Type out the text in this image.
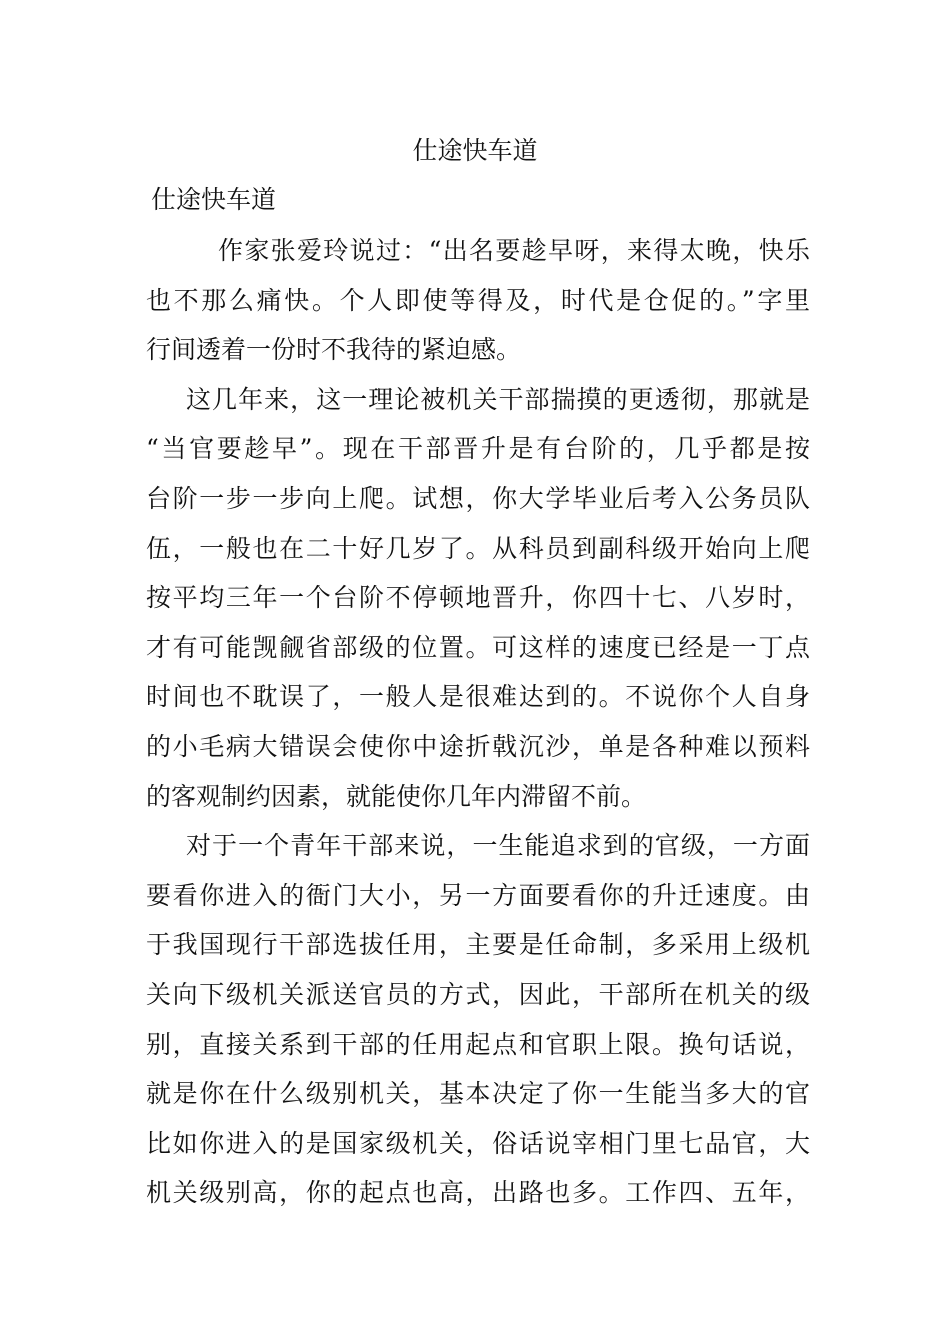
仕途快车道
仕途快车道
作家张爱玲说过：“出名要趁早呀，来得太晚，快乐
也不那么痛快。个人即使等得及，时代是仓促的。”字里
行间透着一份时不我待的紧迫感。
这几年来，这一理论被机关干部揣摸的更透彻，那就是
“当官要趁早”。现在干部晋升是有台阶的，几乎都是按
台阶一步一步向上爬。试想，你大学毕业后考入公务员队
伍，一般也在二十好几岁了。从科员到副科级开始向上爬
按平均三年一个台阶不停顿地晋升，你四十七、八岁时，
才有可能觊觎省部级的位置。可这样的速度已经是一丁点
时间也不耽误了，一般人是很难达到的。不说你个人自身
的小毛病大错误会使你中途折戟沉沙，单是各种难以预料
的客观制约因素，就能使你几年内滞留不前。
对于一个青年干部来说，一生能追求到的官级，一方面
要看你进入的衙门大小，另一方面要看你的升迁速度。由
于我国现行干部选拔任用，主要是任命制，多采用上级机
关向下级机关派送官员的方式，因此，干部所在机关的级
别，直接关系到干部的任用起点和官职上限。换句话说，
就是你在什么级别机关，基本决定了你一生能当多大的官
比如你进入的是国家级机关，俗话说宰相门里七品官，大
机关级别高，你的起点也高，出路也多。工作四、五年，
